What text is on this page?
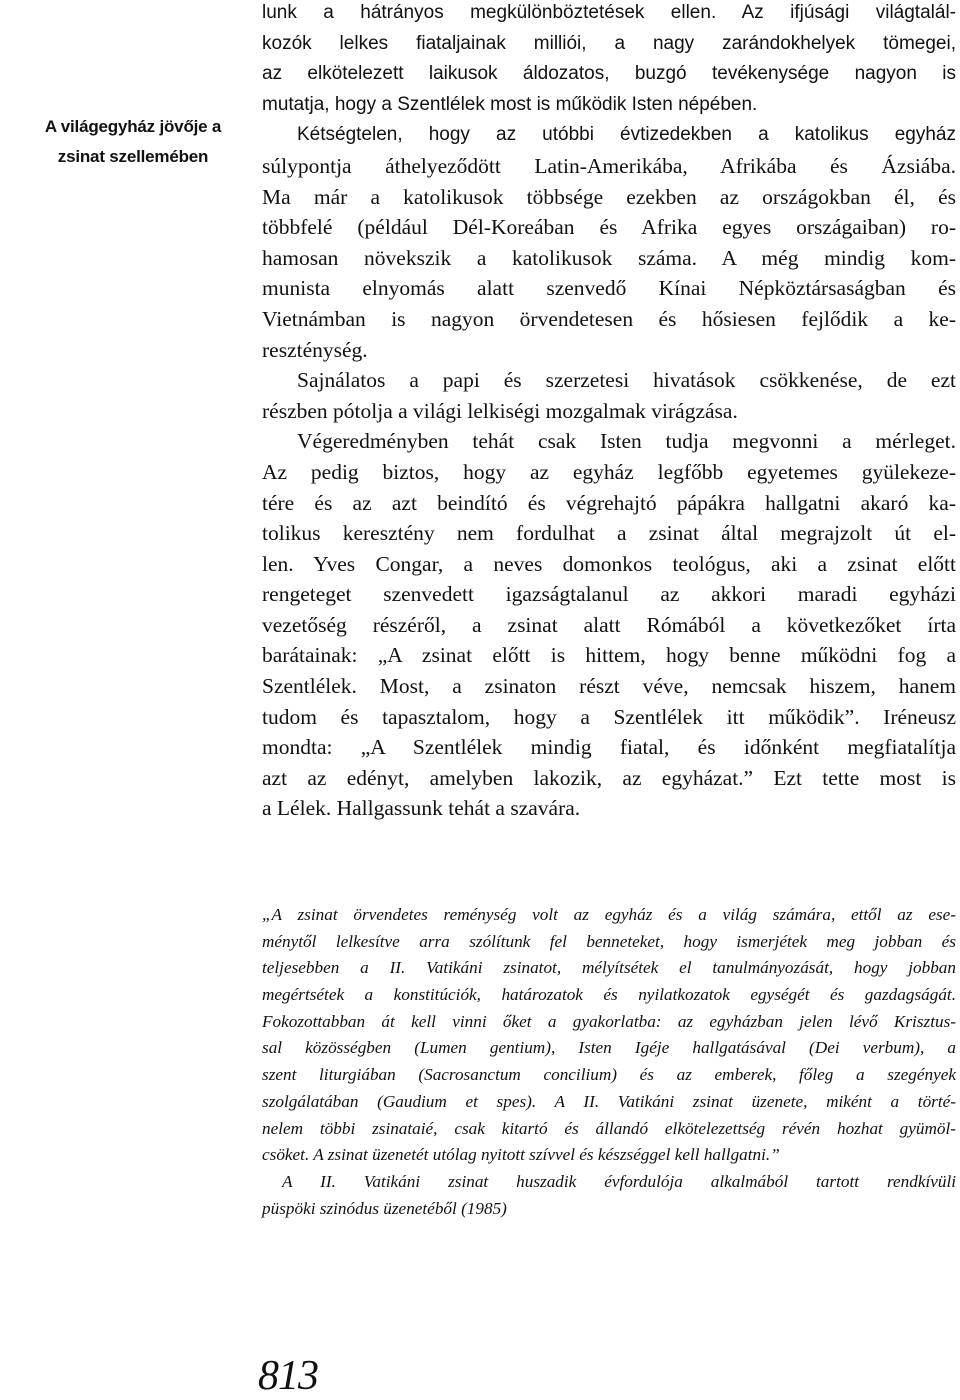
A világegyház jövője a
zsinat szellemében
lunk a hátrányos megkülönböztetések ellen. Az ifjúsági világtalál-
kozók lelkes fiataljainak milliói, a nagy zarándokhelyek tömegei,
az elkötelezett laikusok áldozatos, buzgó tevékenysége nagyon is
mutatja, hogy a Szentlélek most is működik Isten népében.
Kétségtelen, hogy az utóbbi évtizedekben a katolikus egyház
súlypontja áthelyeződött Latin-Amerikába, Afrikába és Ázsiába.
Ma már a katolikusok többsége ezekben az országokban él, és
többfelé (például Dél-Koreában és Afrika egyes országaiban) ro-
hamosan növekszik a katolikusok száma. A még mindig kom-
munista elnyomás alatt szenvedő Kínai Népköztársaságban és
Vietnámban is nagyon örvendetesen és hősiesen fejlődik a ke-
reszténység.
Sajnálatos a papi és szerzetesi hivatások csökkenése, de ezt
részben pótolja a világi lelkiségi mozgalmak virágzása.
Végeredményben tehát csak Isten tudja megvonni a mérleget.
Az pedig biztos, hogy az egyház legfőbb egyetemes gyülekeze-
tére és az azt beindító és végrehajtó pápákra hallgatni akaró ka-
tolikus keresztény nem fordulhat a zsinat által megrajzolt út el-
len. Yves Congar, a neves domonkos teológus, aki a zsinat előtt
rengeteget szenvedett igazságtalanul az akkori maradi egyházi
vezetőség részéről, a zsinat alatt Rómából a következőket írta
barátainak: „A zsinat előtt is hittem, hogy benne működni fog a
Szentlélek. Most, a zsinaton részt véve, nemcsak hiszem, hanem
tudom és tapasztalom, hogy a Szentlélek itt működik”. Iréneusz
mondta: „A Szentlélek mindig fiatal, és időnként megfiatalítja
azt az edényt, amelyben lakozik, az egyházat.” Ezt tette most is
a Lélek. Hallgassunk tehát a szavára.
„A zsinat örvendetes reménység volt az egyház és a világ számára, ettől az ese-
ménytől lelkesítve arra szólítunk fel benneteket, hogy ismerjétek meg jobban és
teljesebben a II. Vatikáni zsinatot, mélyítsétek el tanulmányozását, hogy jobban
megértsétek a konstitúciók, határozatok és nyilatkozatok egységét és gazdagságát.
Fokozottabban át kell vinni őket a gyakorlatba: az egyházban jelen lévő Krisztus-
sal közösségben (Lumen gentium), Isten Igéje hallgatásával (Dei verbum), a
szent liturgiában (Sacrosanctum concilium) és az emberek, főleg a szegények
szolgálatában (Gaudium et spes). A II. Vatikáni zsinat üzenete, miként a törté-
nelem többi zsinataié, csak kitartó és állandó elkötelezettség révén hozhat gyümöl-
csöket. A zsinat üzenetét utólag nyitott szívvel és készséggel kell hallgatni.”
A II. Vatikáni zsinat huszadik évfordulója alkalmából tartott rendkívüli
püspöki szinódus üzenetéből (1985)
813
